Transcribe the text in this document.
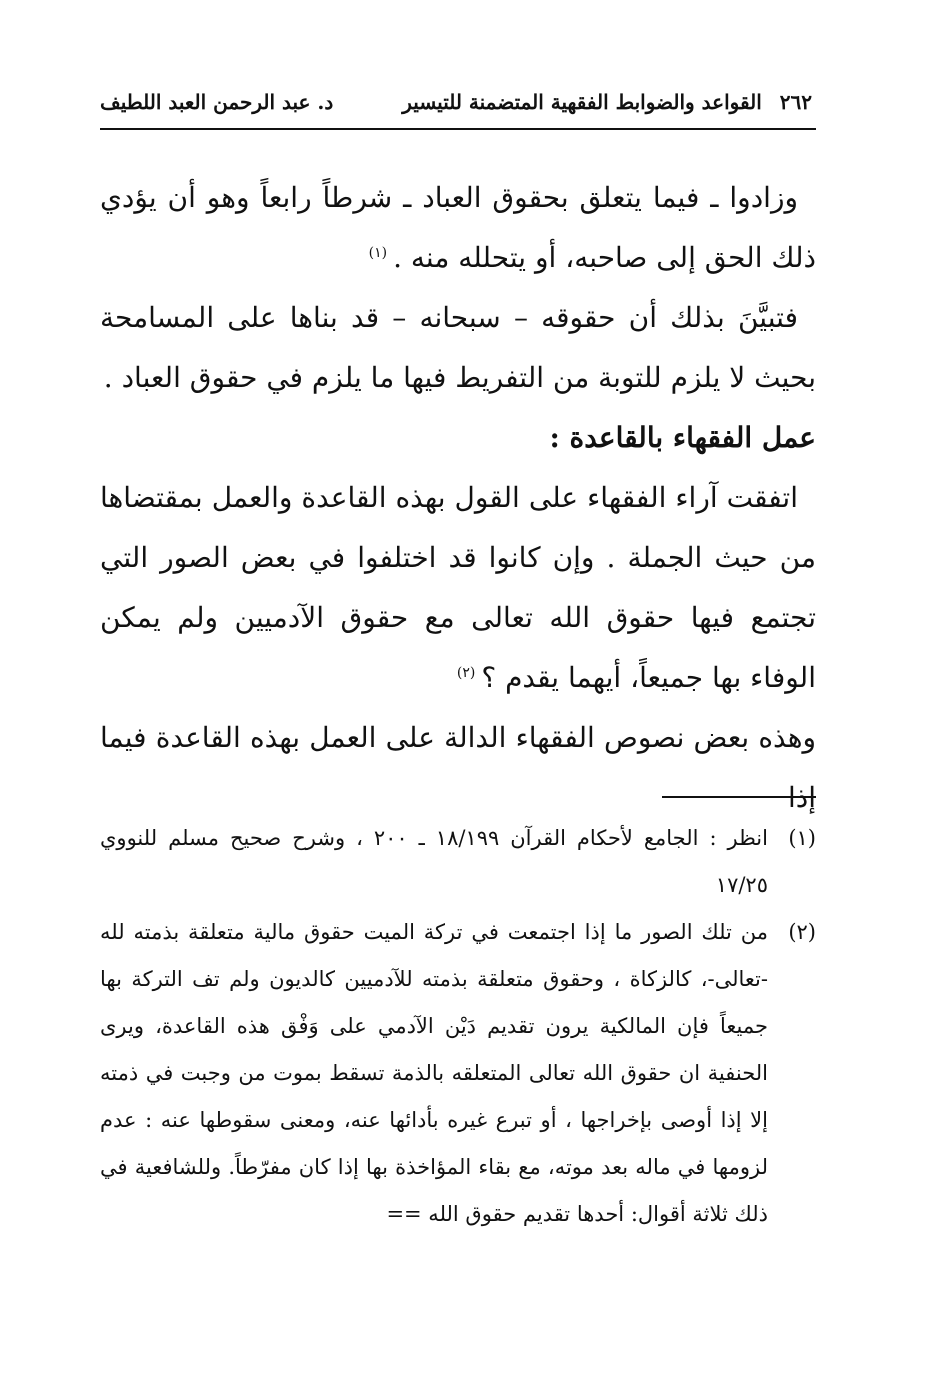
٢٦٢
القواعد والضوابط الفقهية المتضمنة للتيسير
د. عبد الرحمن العبد اللطيف

وزادوا ـ فيما يتعلق بحقوق العباد ـ شرطاً رابعاً وهو أن يؤدي ذلك الحق إلى صاحبه، أو يتحلله منه .$^{(١)}$

فتبيَّنَ بذلك أن حقوقه – سبحانه – قد بناها على المسامحة بحيث لا يلزم للتوبة من التفريط فيها ما يلزم في حقوق العباد .

عمل الفقهاء بالقاعدة :

اتفقت آراء الفقهاء على القول بهذه القاعدة والعمل بمقتضاها من حيث الجملة . وإن كانوا قد اختلفوا في بعض الصور التي تجتمع فيها حقوق الله تعالى مع حقوق الآدميين ولم يمكن الوفاء بها جميعاً، أيهما يقدم ؟$^{(٢)}$

وهذه بعض نصوص الفقهاء الدالة على العمل بهذه القاعدة فيما إذا

(١)
انظر : الجامع لأحكام القرآن ١٨/١٩٩ ـ ٢٠٠ ، وشرح صحيح مسلم للنووي ١٧/٢٥
(٢)
من تلك الصور ما إذا اجتمعت في تركة الميت حقوق مالية متعلقة بذمته لله -تعالى-، كالزكاة ، وحقوق متعلقة بذمته للآدميين كالديون ولم تف التركة بها جميعاً فإن المالكية يرون تقديم دَيْن الآدمي على وَفْق هذه القاعدة، ويرى الحنفية ان حقوق الله تعالى المتعلقه بالذمة تسقط بموت من وجبت في ذمته إلا إذا أوصى بإخراجها ، أو تبرع غيره بأدائها عنه، ومعنى سقوطها عنه : عدم لزومها في ماله بعد موته، مع بقاء المؤاخذة بها إذا كان مفرّطاً. وللشافعية في ذلك ثلاثة أقوال: أحدها تقديم حقوق الله ==
